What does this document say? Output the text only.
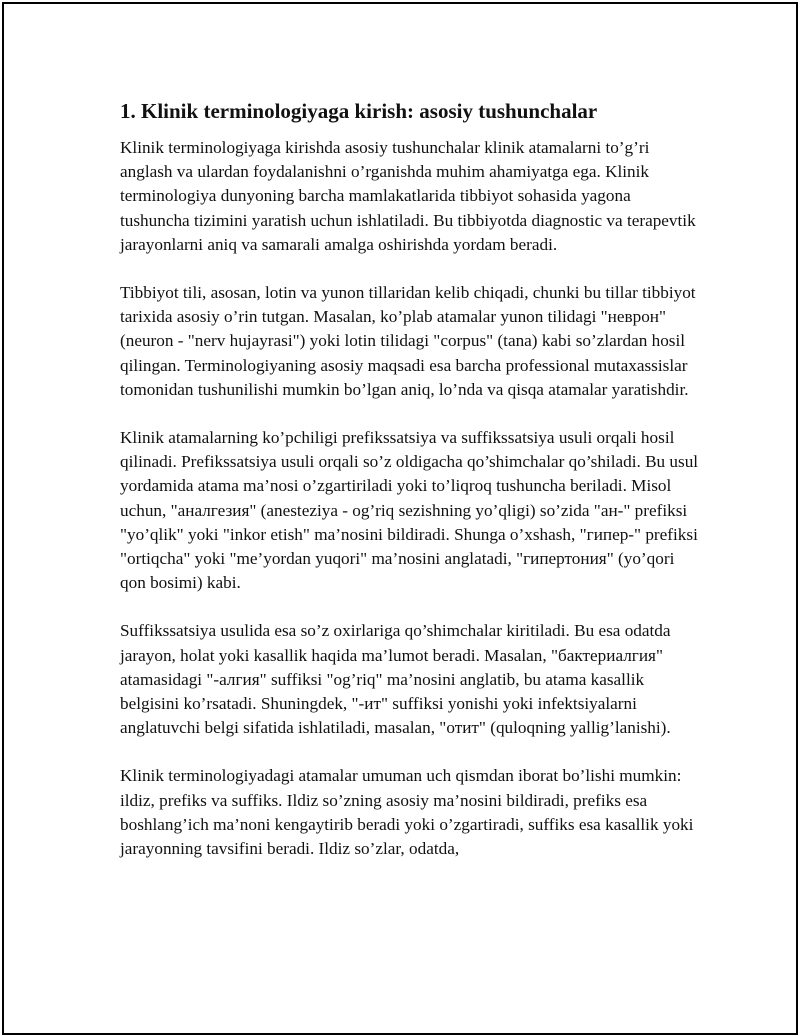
1. Klinik terminologiyaga kirish: asosiy tushunchalar

Klinik terminologiyaga kirishda asosiy tushunchalar klinik atamalarni to’g’ri anglash va ulardan foydalanishni o’rganishda muhim ahamiyatga ega. Klinik terminologiya dunyoning barcha mamlakatlarida tibbiyot sohasida yagona tushuncha tizimini yaratish uchun ishlatiladi. Bu tibbiyotda diagnostic va terapevtik jarayonlarni aniq va samarali amalga oshirishda yordam beradi.

Tibbiyot tili, asosan, lotin va yunon tillaridan kelib chiqadi, chunki bu tillar tibbiyot tarixida asosiy o’rin tutgan. Masalan, ko’plab atamalar yunon tilidagi "неврон" (neuron - "nerv hujayrasi") yoki lotin tilidagi "corpus" (tana) kabi so’zlardan hosil qilingan. Terminologiyaning asosiy maqsadi esa barcha professional mutaxassislar tomonidan tushunilishi mumkin bo’lgan aniq, lo’nda va qisqa atamalar yaratishdir.

Klinik atamalarning ko’pchiligi prefikssatsiya va suffikssatsiya usuli orqali hosil qilinadi. Prefikssatsiya usuli orqali so’z oldigacha qo’shimchalar qo’shiladi. Bu usul yordamida atama ma’nosi o’zgartiriladi yoki to’liqroq tushuncha beriladi. Misol uchun, "аналгезия" (anesteziya - og’riq sezishning yo’qligi) so’zida "ан-" prefiksi "yo’qlik" yoki "inkor etish" ma’nosini bildiradi. Shunga o’xshash, "гипер-" prefiksi "ortiqcha" yoki "me’yordan yuqori" ma’nosini anglatadi, "гипертония" (yo’qori qon bosimi) kabi.

Suffikssatsiya usulida esa so’z oxirlariga qo’shimchalar kiritiladi. Bu esa odatda jarayon, holat yoki kasallik haqida ma’lumot beradi. Masalan, "бактериалгия" atamasidagi "-алгия" suffiksi "og’riq" ma’nosini anglatib, bu atama kasallik belgisini ko’rsatadi. Shuningdek, "-ит" suffiksi yonishi yoki infektsiyalarni anglatuvchi belgi sifatida ishlatiladi, masalan, "отит" (quloqning yallig’lanishi).

Klinik terminologiyadagi atamalar umuman uch qismdan iborat bo’lishi mumkin: ildiz, prefiks va suffiks. Ildiz so’zning asosiy ma’nosini bildiradi, prefiks esa boshlang’ich ma’noni kengaytirib beradi yoki o’zgartiradi, suffiks esa kasallik yoki jarayonning tavsifini beradi. Ildiz so’zlar, odatda,
